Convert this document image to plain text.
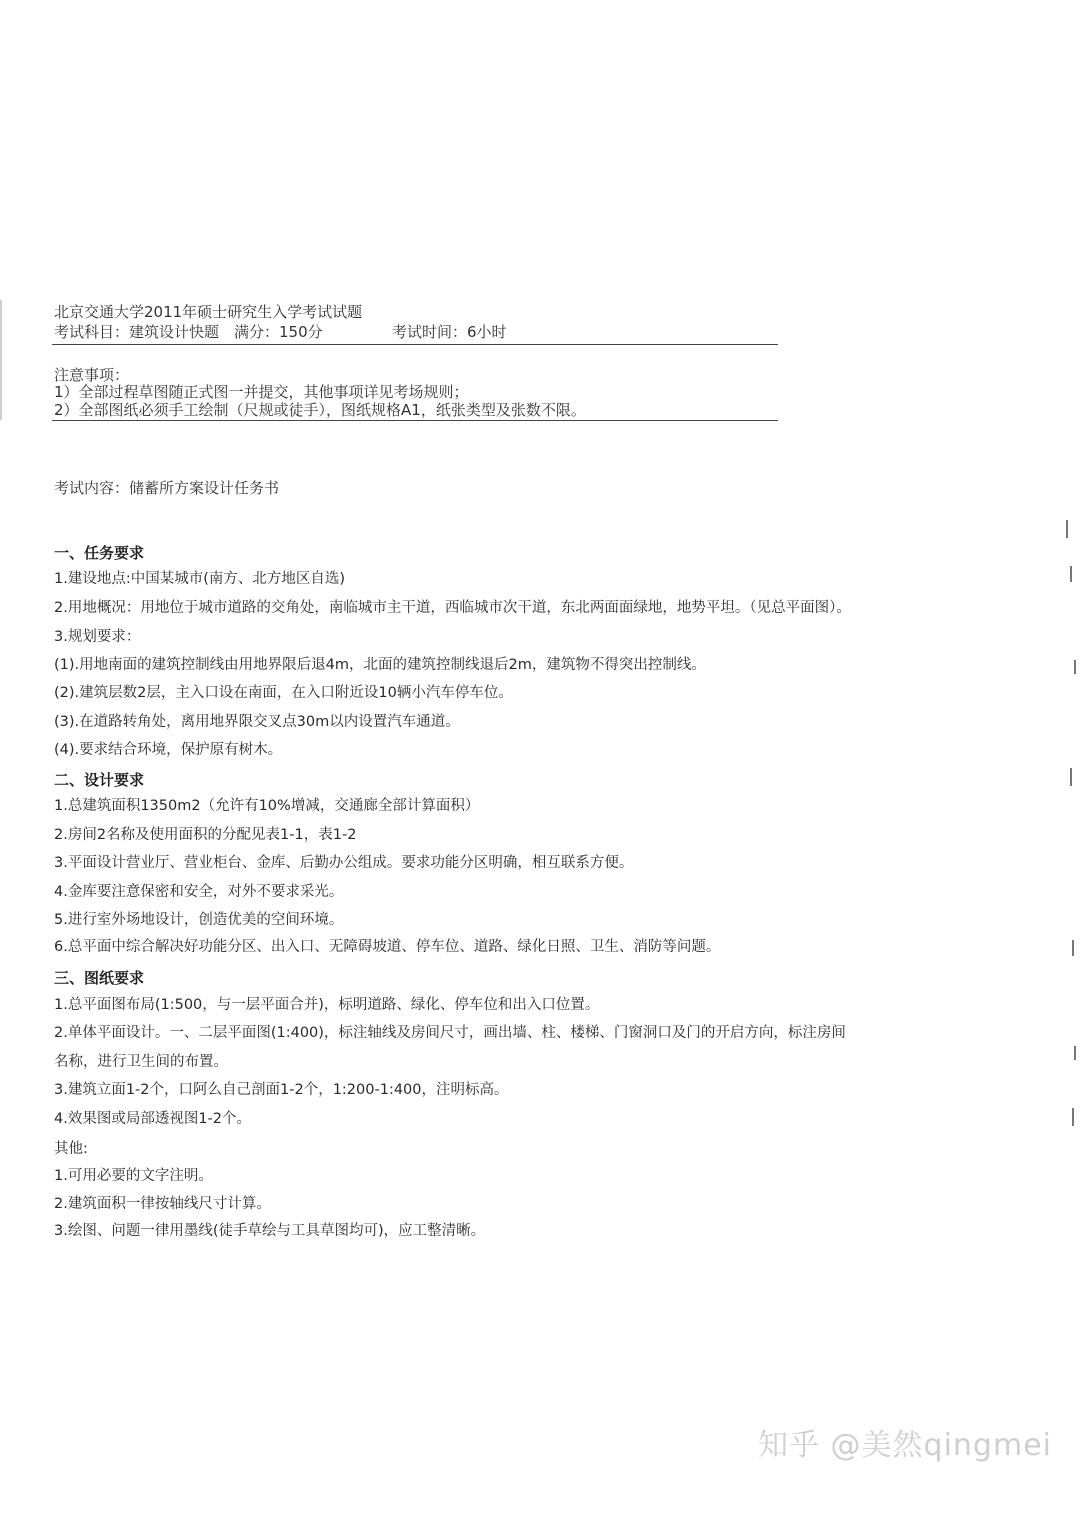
北京交通大学2011年硕士研究生入学考试试题
考试科目：建筑设计快题　满分：150分	考试时间：6小时
注意事项：
1）全部过程草图随正式图一并提交，其他事项详见考场规则；
2）全部图纸必须手工绘制（尺规或徒手），图纸规格A1，纸张类型及张数不限。
考试内容：储蓄所方案设计任务书
一、任务要求
1.建设地点:中国某城市(南方、北方地区自选)
2.用地概况：用地位于城市道路的交角处，南临城市主干道，西临城市次干道，东北两面面绿地，地势平坦。（见总平面图）。
3.规划要求：
(1).用地南面的建筑控制线由用地界限后退4m，北面的建筑控制线退后2m，建筑物不得突出控制线。
(2).建筑层数2层，主入口设在南面，在入口附近设10辆小汽车停车位。
(3).在道路转角处，离用地界限交叉点30m以内设置汽车通道。
(4).要求结合环境，保护原有树木。
二、设计要求
1.总建筑面积1350m2（允许有10%增减，交通廊全部计算面积）
2.房间2名称及使用面积的分配见表1-1，表1-2
3.平面设计营业厅、营业柜台、金库、后勤办公组成。要求功能分区明确，相互联系方便。
4.金库要注意保密和安全，对外不要求采光。
5.进行室外场地设计，创造优美的空间环境。
6.总平面中综合解决好功能分区、出入口、无障碍坡道、停车位、道路、绿化日照、卫生、消防等问题。
三、图纸要求
1.总平面图布局(1:500，与一层平面合并)，标明道路、绿化、停车位和出入口位置。
2.单体平面设计。一、二层平面图(1:400)，标注轴线及房间尺寸，画出墙、柱、楼梯、门窗洞口及门的开启方向，标注房间
名称，进行卫生间的布置。
3.建筑立面1-2个，口阿么自己剖面1-2个，1:200-1:400，注明标高。
4.效果图或局部透视图1-2个。
其他:
1.可用必要的文字注明。
2.建筑面积一律按轴线尺寸计算。
3.绘图、问题一律用墨线(徒手草绘与工具草图均可)，应工整清晰。
知乎 @美然qingmei
